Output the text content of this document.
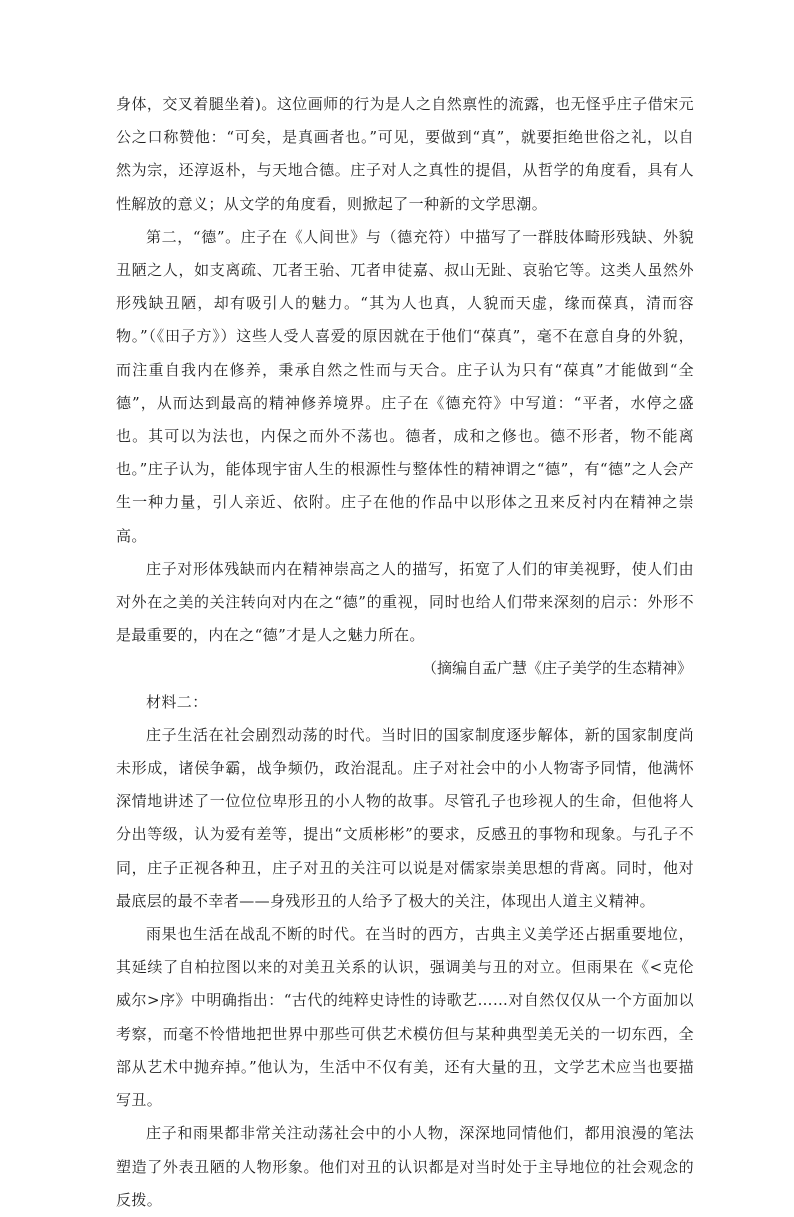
身体，交叉着腿坐着)。这位画师的行为是人之自然禀性的流露，也无怪乎庄子借宋元公之口称赞他：“可矣，是真画者也。”可见，要做到“真”，就要拒绝世俗之礼，以自然为宗，还淳返朴，与天地合德。庄子对人之真性的提倡，从哲学的角度看，具有人性解放的意义；从文学的角度看，则掀起了一种新的文学思潮。

第二，“德”。庄子在《人间世》与（德充符）中描写了一群肢体畸形残缺、外貌丑陋之人，如支离疏、兀者王骀、兀者申徒嘉、叔山无趾、哀骀它等。这类人虽然外形残缺丑陋，却有吸引人的魅力。“其为人也真，人貌而天虚，缘而葆真，清而容物。”（《田子方》）这些人受人喜爱的原因就在于他们“葆真”，毫不在意自身的外貌，而注重自我内在修养，秉承自然之性而与天合。庄子认为只有“葆真”才能做到“全德”，从而达到最高的精神修养境界。庄子在《德充符》中写道：“平者，水停之盛也。其可以为法也，内保之而外不荡也。德者，成和之修也。德不形者，物不能离也。”庄子认为，能体现宇宙人生的根源性与整体性的精神谓之“德”，有“德”之人会产生一种力量，引人亲近、依附。庄子在他的作品中以形体之丑来反衬内在精神之崇高。

庄子对形体残缺而内在精神崇高之人的描写，拓宽了人们的审美视野，使人们由对外在之美的关注转向对内在之“德”的重视，同时也给人们带来深刻的启示：外形不是最重要的，内在之“德”才是人之魅力所在。

（摘编自孟广慧《庄子美学的生态精神》

材料二：

庄子生活在社会剧烈动荡的时代。当时旧的国家制度逐步解体，新的国家制度尚未形成，诸侯争霸，战争频仍，政治混乱。庄子对社会中的小人物寄予同情，他满怀深情地讲述了一位位位卑形丑的小人物的故事。尽管孔子也珍视人的生命，但他将人分出等级，认为爱有差等，提出“文质彬彬”的要求，反感丑的事物和现象。与孔子不同，庄子正视各种丑，庄子对丑的关注可以说是对儒家崇美思想的背离。同时，他对最底层的最不幸者——身残形丑的人给予了极大的关注，体现出人道主义精神。

雨果也生活在战乱不断的时代。在当时的西方，古典主义美学还占据重要地位，其延续了自柏拉图以来的对美丑关系的认识，强调美与丑的对立。但雨果在《<克伦威尔>序》中明确指出：“古代的纯粹史诗性的诗歌艺……对自然仅仅从一个方面加以考察，而毫不怜惜地把世界中那些可供艺术模仿但与某种典型美无关的一切东西，全部从艺术中抛弃掉。”他认为，生活中不仅有美，还有大量的丑，文学艺术应当也要描写丑。

庄子和雨果都非常关注动荡社会中的小人物，深深地同情他们，都用浪漫的笔法塑造了外表丑陋的人物形象。他们对丑的认识都是对当时处于主导地位的社会观念的反拨。
